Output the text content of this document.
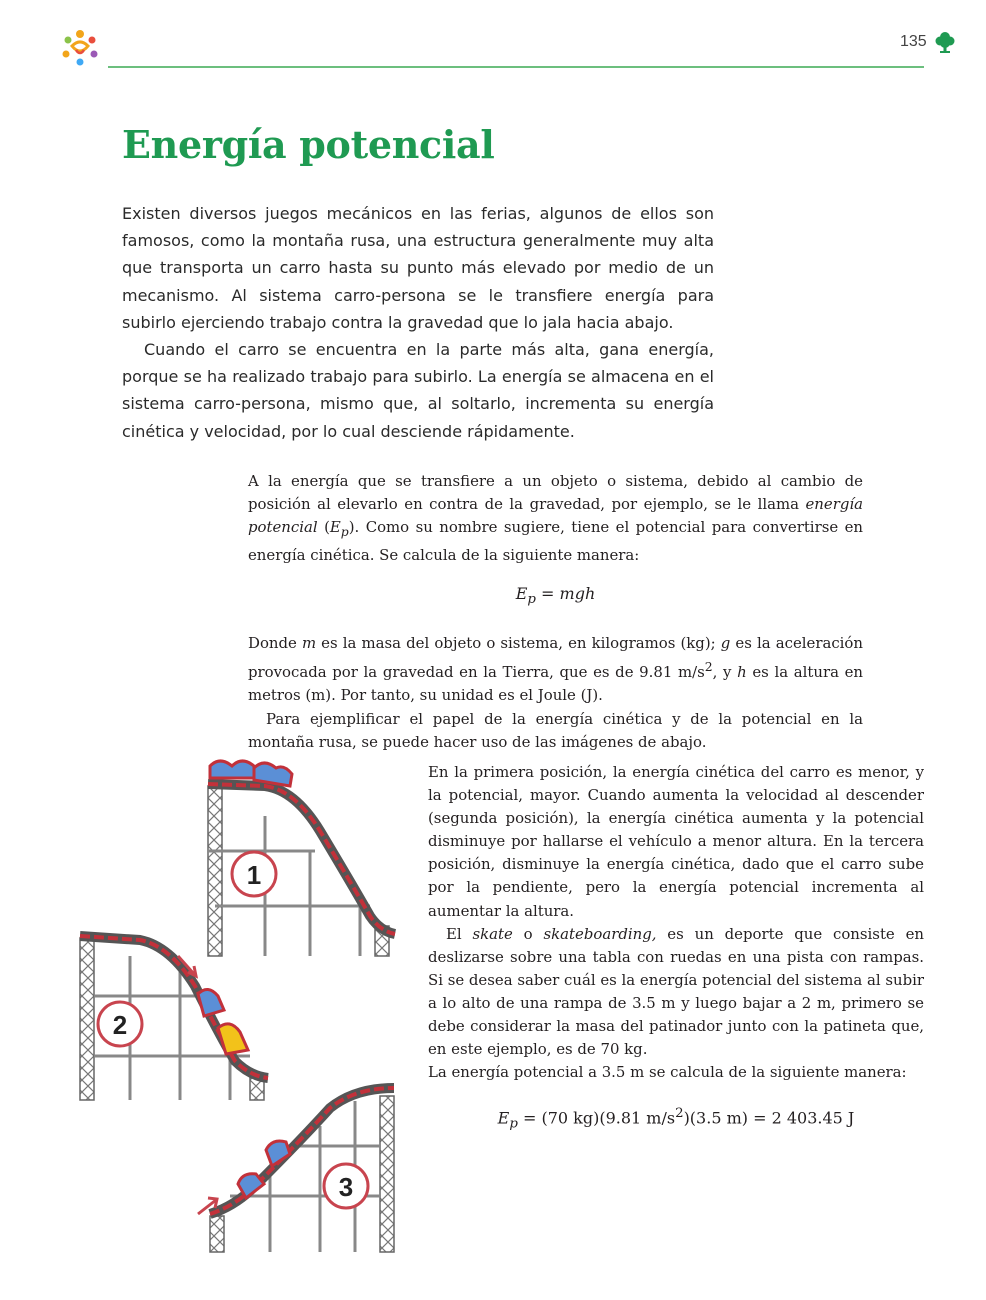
135
Energía potencial

Existen diversos juegos mecánicos en las ferias, algunos de ellos son famosos, como la montaña rusa, una estructura generalmente muy alta que transporta un carro hasta su punto más elevado por medio de un mecanismo. Al sistema carro-persona se le transfiere energía para subirlo ejerciendo trabajo contra la gravedad que lo jala hacia abajo.

Cuando el carro se encuentra en la parte más alta, gana energía, porque se ha realizado trabajo para subirlo. La energía se almacena en el sistema carro-persona, mismo que, al soltarlo, incrementa su energía cinética y velocidad, por lo cual desciende rápidamente.

A la energía que se transfiere a un objeto o sistema, debido al cambio de posición al elevarlo en contra de la gravedad, por ejemplo, se le llama energía potencial $(E_p)$. Como su nombre sugiere, tiene el potencial para convertirse en energía cinética. Se calcula de la siguiente manera:

$E_p$ = mgh

Donde m es la masa del objeto o sistema, en kilogramos (kg); g es la aceleración provocada por la gravedad en la Tierra, que es de 9.81 $m/s^2$, y h es la altura en metros (m). Por tanto, su unidad es el Joule (J).

Para ejemplificar el papel de la energía cinética y de la potencial en la montaña rusa, se puede hacer uso de las imágenes de abajo.

En la primera posición, la energía cinética del carro es menor, y la potencial, mayor. Cuando aumenta la velocidad al descender (segunda posición), la energía cinética aumenta y la potencial disminuye por hallarse el vehículo a menor altura. En la tercera posición, disminuye la energía cinética, dado que el carro sube por la pendiente, pero la energía potencial incrementa al aumentar la altura.

El skate o skateboarding, es un deporte que consiste en deslizarse sobre una tabla con ruedas en una pista con rampas. Si se desea saber cuál es la energía potencial del sistema al subir a lo alto de una rampa de 3.5 m y luego bajar a 2 m, primero se debe considerar la masa del patinador junto con la patineta que, en este ejemplo, es de 70 kg.

La energía potencial a 3.5 m se calcula de la siguiente manera:

$E_p = (70$ kg)(9.81 $m/s^2)(3.5$ m) = 2 403.45 J
1
2
3
